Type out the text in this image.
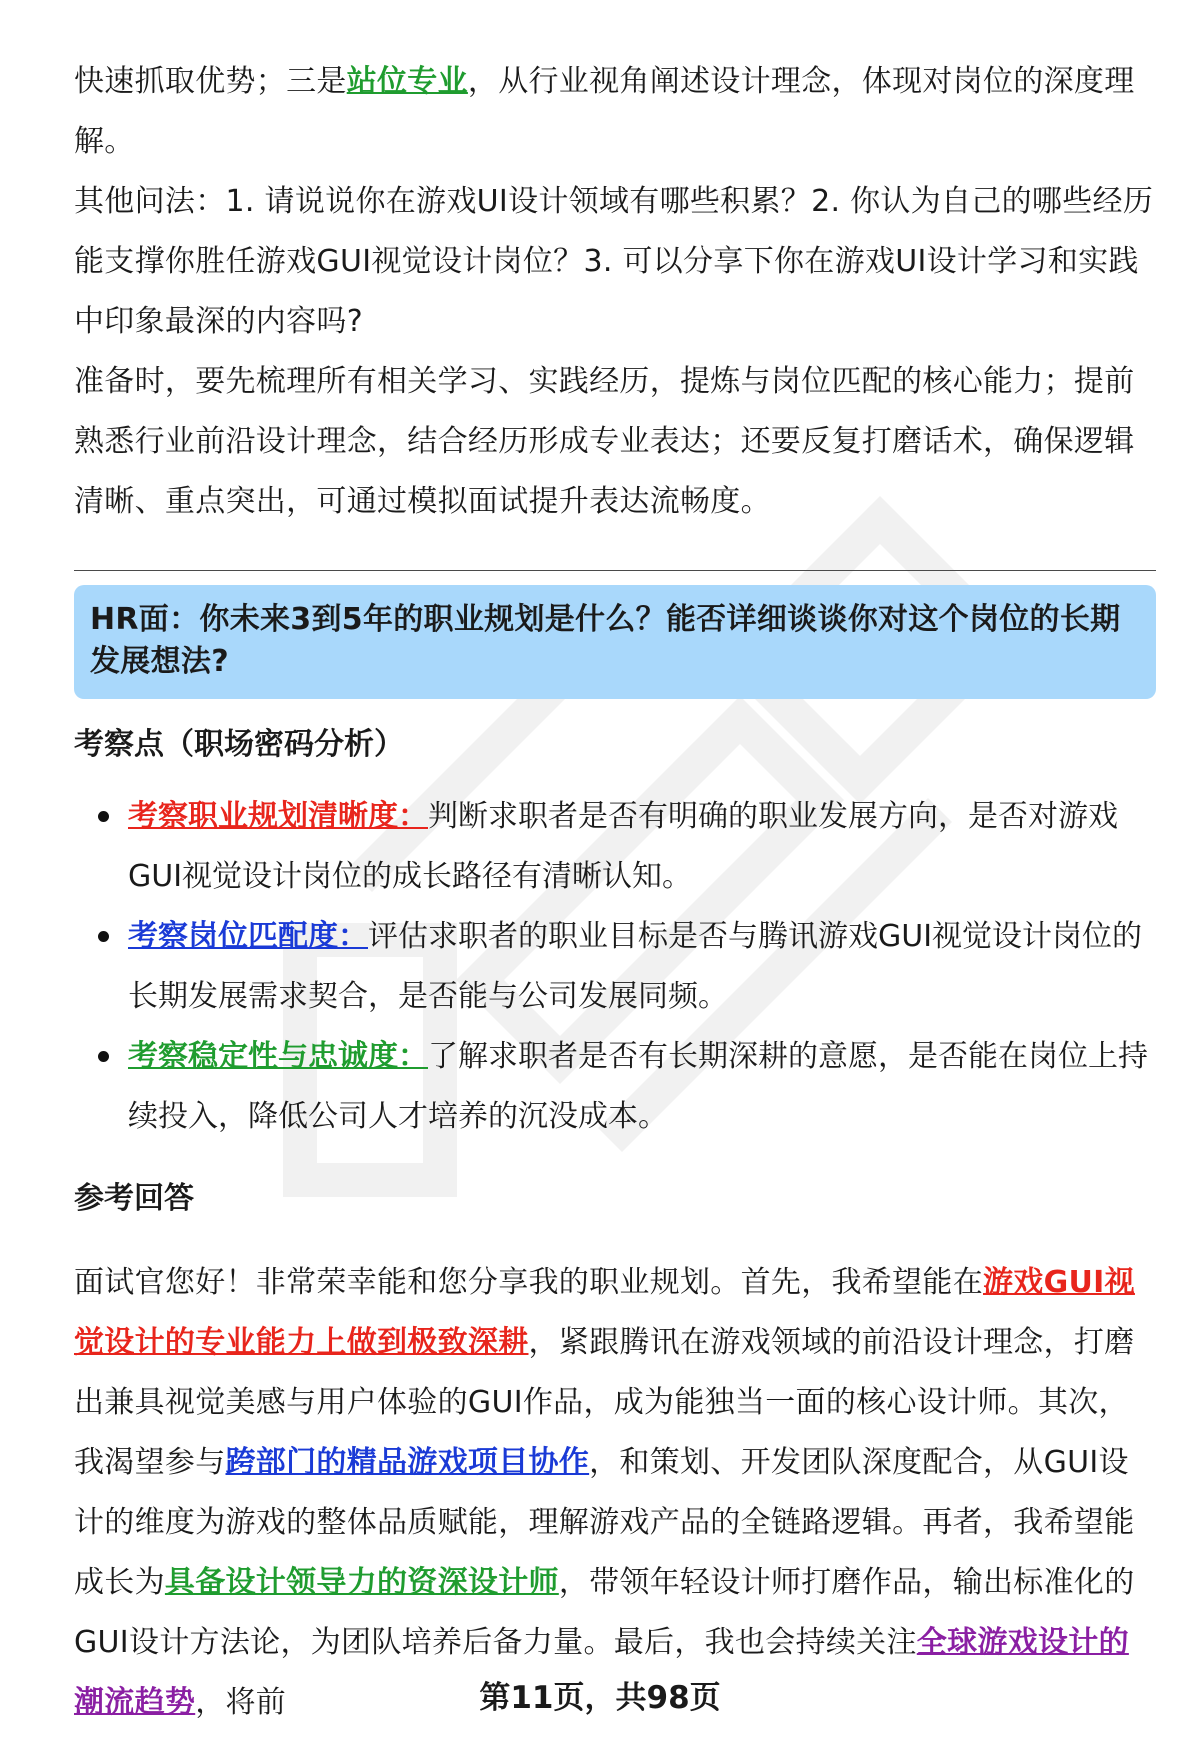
快速抓取优势；三是站位专业，从行业视角阐述设计理念，体现对岗位的深度理解。

其他问法：1. 请说说你在游戏UI设计领域有哪些积累？2. 你认为自己的哪些经历能支撑你胜任游戏GUI视觉设计岗位？3. 可以分享下你在游戏UI设计学习和实践中印象最深的内容吗?

准备时，要先梳理所有相关学习、实践经历，提炼与岗位匹配的核心能力；提前熟悉行业前沿设计理念，结合经历形成专业表达；还要反复打磨话术，确保逻辑清晰、重点突出，可通过模拟面试提升表达流畅度。

HR面：你未来3到5年的职业规划是什么？能否详细谈谈你对这个岗位的长期发展想法?

考察点（职场密码分析）
考察职业规划清晰度：判断求职者是否有明确的职业发展方向，是否对游戏GUI视觉设计岗位的成长路径有清晰认知。
考察岗位匹配度：评估求职者的职业目标是否与腾讯游戏GUI视觉设计岗位的长期发展需求契合，是否能与公司发展同频。
考察稳定性与忠诚度：了解求职者是否有长期深耕的意愿，是否能在岗位上持续投入，降低公司人才培养的沉没成本。
参考回答

面试官您好！非常荣幸能和您分享我的职业规划。首先，我希望能在游戏GUI视觉设计的专业能力上做到极致深耕，紧跟腾讯在游戏领域的前沿设计理念，打磨出兼具视觉美感与用户体验的GUI作品，成为能独当一面的核心设计师。其次，我渴望参与跨部门的精品游戏项目协作，和策划、开发团队深度配合，从GUI设计的维度为游戏的整体品质赋能，理解游戏产品的全链路逻辑。再者，我希望能成长为具备设计领导力的资深设计师，带领年轻设计师打磨作品，输出标准化的GUI设计方法论，为团队培养后备力量。最后，我也会持续关注全球游戏设计的潮流趋势，将前	第11页，共98页
